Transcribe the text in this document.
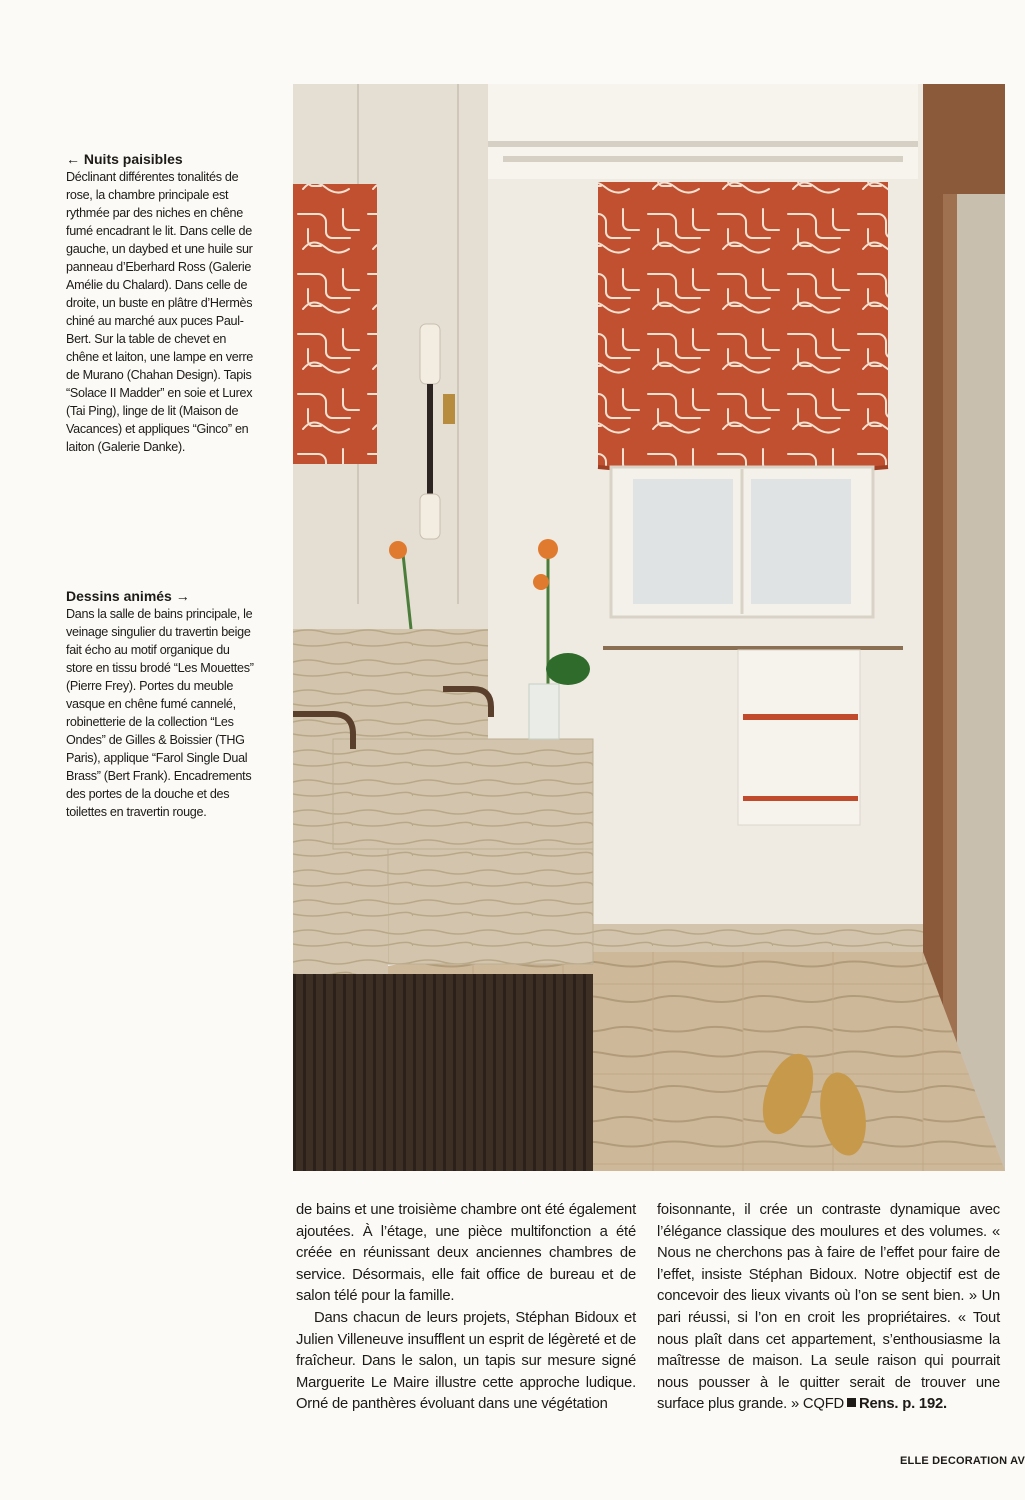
← Nuits paisibles

Déclinant différentes tonalités de rose, la chambre principale est rythmée par des niches en chêne fumé encadrant le lit. Dans celle de gauche, un daybed et une huile sur panneau d’Eberhard Ross (Galerie Amélie du Chalard). Dans celle de droite, un buste en plâtre d’Hermès chiné au marché aux puces Paul-Bert. Sur la table de chevet en chêne et laiton, une lampe en verre de Murano (Chahan Design). Tapis “Solace II Madder” en soie et Lurex (Tai Ping), linge de lit (Maison de Vacances) et appliques “Ginco” en laiton (Galerie Danke).

Dessins animés →

Dans la salle de bains principale, le veinage singulier du travertin beige fait écho au motif organique du store en tissu brodé “Les Mouettes” (Pierre Frey). Portes du meuble vasque en chêne fumé cannelé, robinetterie de la collection “Les Ondes” de Gilles & Boissier (THG Paris), applique “Farol Single Dual Brass” (Bert Frank). Encadrements des portes de la douche et des toilettes en travertin rouge.

de bains et une troisième chambre ont été également ajoutées. À l’étage, une pièce multifonction a été créée en réunissant deux anciennes chambres de service. Désormais, elle fait office de bureau et de salon télé pour la famille.

Dans chacun de leurs projets, Stéphan Bidoux et Julien Villeneuve insufflent un esprit de légèreté et de fraîcheur. Dans le salon, un tapis sur mesure signé Marguerite Le Maire illustre cette approche ludique. Orné de panthères évoluant dans une végétation

foisonnante, il crée un contraste dynamique avec l’élégance classique des moulures et des volumes. « Nous ne cherchons pas à faire de l’effet pour faire de l’effet, insiste Stéphan Bidoux. Notre objectif est de concevoir des lieux vivants où l’on se sent bien. » Un pari réussi, si l’on en croit les propriétaires. « Tout nous plaît dans cet appartement, s’enthousiasme la maîtresse de maison. La seule raison qui pourrait nous pousser à le quitter serait de trouver une surface plus grande. » CQFD Rens. p. 192.

ELLE DECORATION AV
